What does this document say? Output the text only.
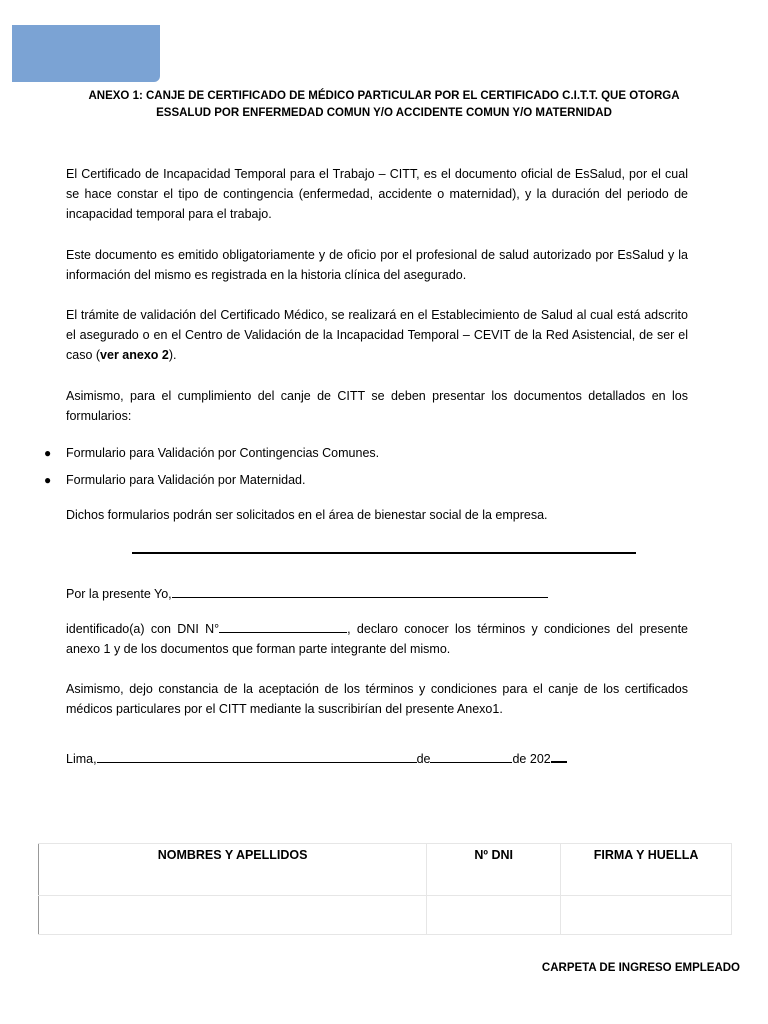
ANEXO 1: CANJE DE CERTIFICADO DE MÉDICO PARTICULAR POR EL CERTIFICADO C.I.T.T. QUE OTORGA
ESSALUD POR ENFERMEDAD COMUN Y/O ACCIDENTE COMUN Y/O MATERNIDAD
El Certificado de Incapacidad Temporal para el Trabajo – CITT, es el documento oficial de EsSalud, por el cual se hace constar el tipo de contingencia (enfermedad, accidente o maternidad), y la duración del periodo de incapacidad temporal para el trabajo.
Este documento es emitido obligatoriamente y de oficio por el profesional de salud autorizado por EsSalud y la información del mismo es registrada en la historia clínica del asegurado.
El trámite de validación del Certificado Médico, se realizará en el Establecimiento de Salud al cual está adscrito el asegurado o en el Centro de Validación de la Incapacidad Temporal – CEVIT de la Red Asistencial, de ser el caso (ver anexo 2).
Asimismo, para el cumplimiento del canje de CITT se deben presentar los documentos detallados en los formularios:
● Formulario para Validación por Contingencias Comunes.
● Formulario para Validación por Maternidad.
Dichos formularios podrán ser solicitados en el área de bienestar social de la empresa.
Por la presente Yo,
identificado(a) con DNI N°	, declaro conocer los términos y condiciones del presente anexo 1 y de los documentos que forman parte integrante del mismo.
Asimismo, dejo constancia de la aceptación de los términos y condiciones para el canje de los certificados médicos particulares por el CITT mediante la suscribirían del presente Anexo1.
Lima,	de	de 202
NOMBRES Y APELLIDOS	Nº DNI	FIRMA Y HUELLA

CARPETA DE INGRESO EMPLEADO
